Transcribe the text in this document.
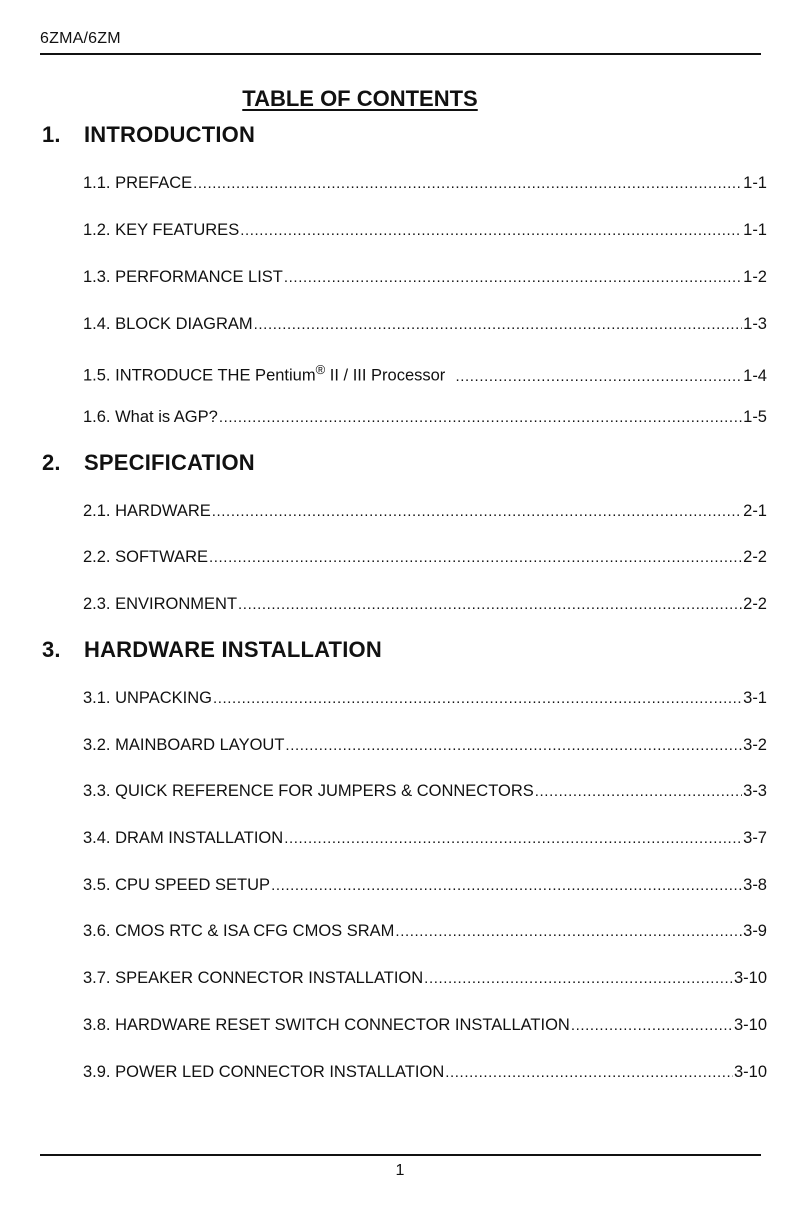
6ZMA/6ZM
TABLE OF CONTENTS
1. INTRODUCTION
1.1. PREFACE .....	1-1
1.2. KEY FEATURES .....	1-1
1.3. PERFORMANCE LIST .....	1-2
1.4. BLOCK DIAGRAM .....	1-3
1.5. INTRODUCE THE Pentium® II / III Processor .....	1-4
1.6. What is AGP? .....	1-5
2. SPECIFICATION
2.1. HARDWARE .....	2-1
2.2. SOFTWARE .....	2-2
2.3. ENVIRONMENT .....	2-2
3. HARDWARE INSTALLATION
3.1. UNPACKING .....	3-1
3.2. MAINBOARD LAYOUT .....	3-2
3.3. QUICK REFERENCE FOR JUMPERS & CONNECTORS .....	3-3
3.4. DRAM INSTALLATION .....	3-7
3.5. CPU SPEED SETUP .....	3-8
3.6. CMOS RTC & ISA CFG CMOS SRAM .....	3-9
3.7. SPEAKER CONNECTOR INSTALLATION .....	3-10
3.8. HARDWARE RESET SWITCH CONNECTOR INSTALLATION .....	3-10
3.9. POWER LED CONNECTOR INSTALLATION .....	3-10
1
